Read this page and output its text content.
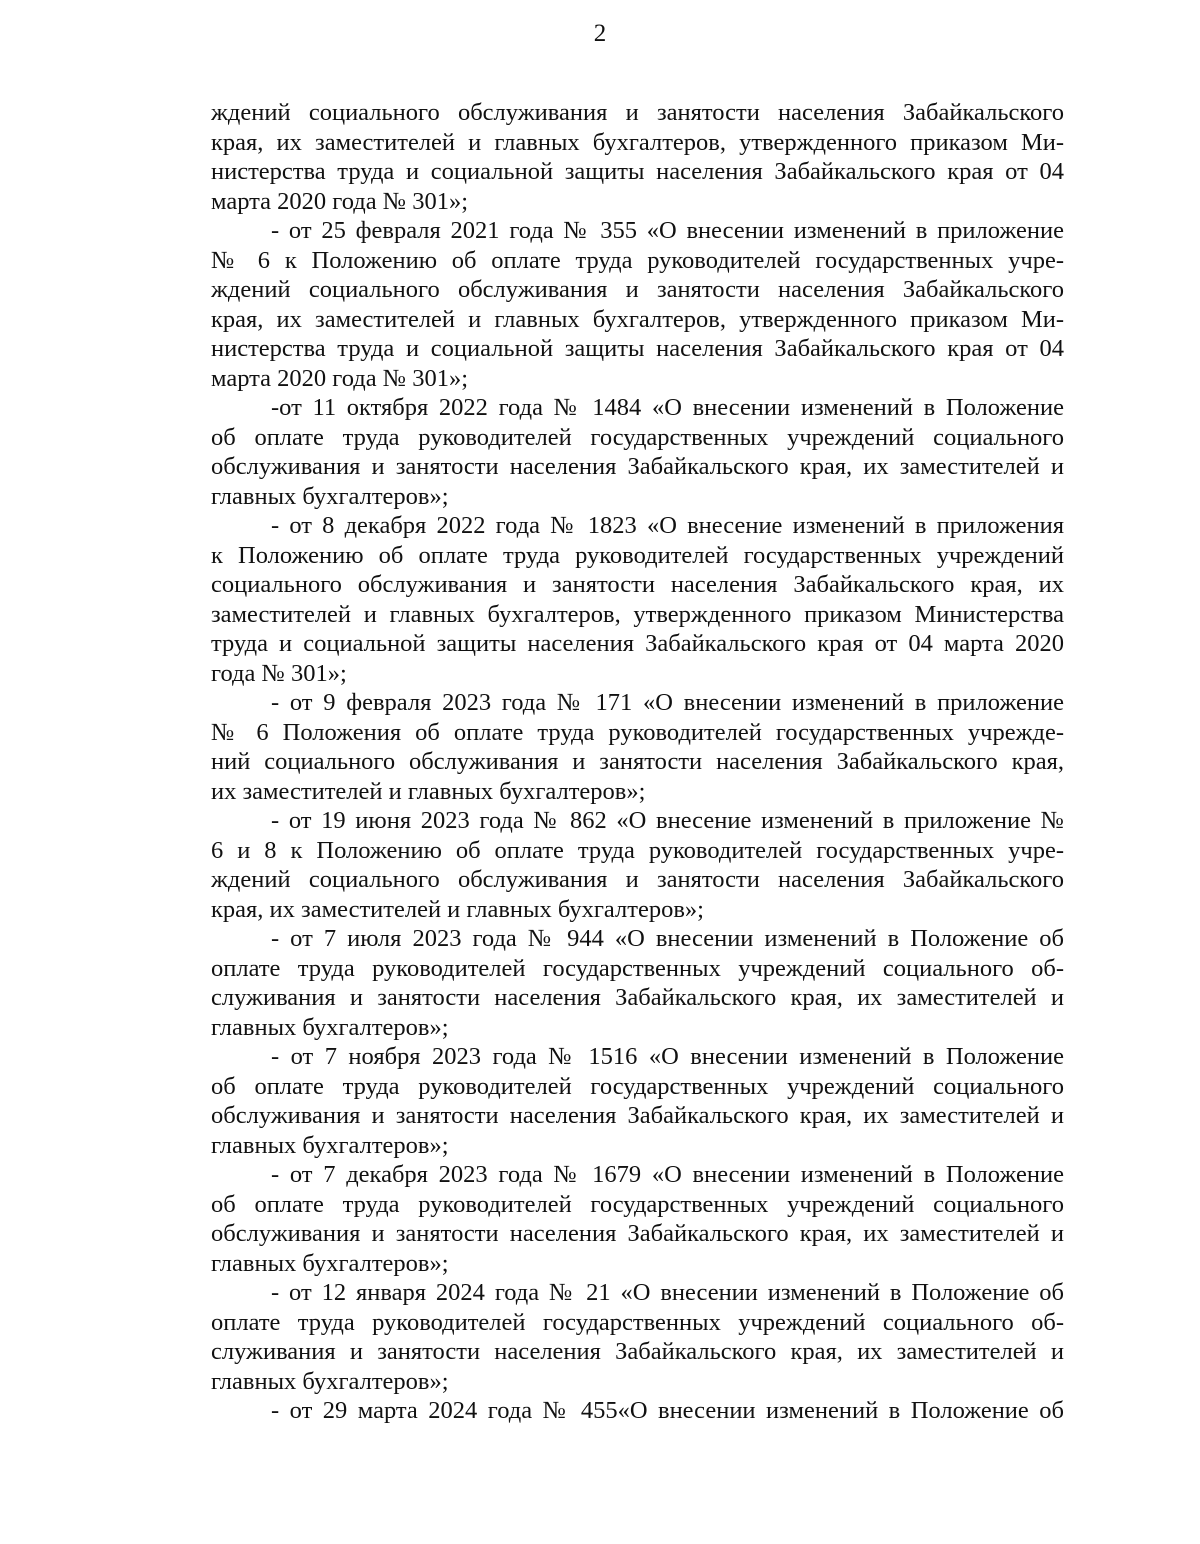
2
ждений социального обслуживания и занятости населения Забайкальского
края, их заместителей и главных бухгалтеров, утвержденного приказом Ми-
нистерства труда и социальной защиты населения Забайкальского края от 04
марта 2020 года № 301»;
- от 25 февраля 2021 года № 355 «О внесении изменений в приложение
№ 6 к Положению об оплате труда руководителей государственных учре-
ждений социального обслуживания и занятости населения Забайкальского
края, их заместителей и главных бухгалтеров, утвержденного приказом Ми-
нистерства труда и социальной защиты населения Забайкальского края от 04
марта 2020 года № 301»;
-от 11 октября 2022 года № 1484 «О внесении изменений в Положение
об оплате труда руководителей государственных учреждений социального
обслуживания и занятости населения Забайкальского края, их заместителей и
главных бухгалтеров»;
- от 8 декабря 2022 года № 1823 «О внесение изменений в приложения
к Положению об оплате труда руководителей государственных учреждений
социального обслуживания и занятости населения Забайкальского края, их
заместителей и главных бухгалтеров, утвержденного приказом Министерства
труда и социальной защиты населения Забайкальского края от 04 марта 2020
года № 301»;
- от 9 февраля 2023 года № 171 «О внесении изменений в приложение
№ 6 Положения об оплате труда руководителей государственных учрежде-
ний социального обслуживания и занятости населения Забайкальского края,
их заместителей и главных бухгалтеров»;
- от 19 июня 2023 года № 862 «О внесение изменений в приложение №
6 и 8 к Положению об оплате труда руководителей государственных учре-
ждений социального обслуживания и занятости населения Забайкальского
края, их заместителей и главных бухгалтеров»;
- от 7 июля 2023 года № 944 «О внесении изменений в Положение об
оплате труда руководителей государственных учреждений социального об-
служивания и занятости населения Забайкальского края, их заместителей и
главных бухгалтеров»;
- от 7 ноября 2023 года № 1516 «О внесении изменений в Положение
об оплате труда руководителей государственных учреждений социального
обслуживания и занятости населения Забайкальского края, их заместителей и
главных бухгалтеров»;
- от 7 декабря 2023 года № 1679 «О внесении изменений в Положение
об оплате труда руководителей государственных учреждений социального
обслуживания и занятости населения Забайкальского края, их заместителей и
главных бухгалтеров»;
- от 12 января 2024 года № 21 «О внесении изменений в Положение об
оплате труда руководителей государственных учреждений социального об-
служивания и занятости населения Забайкальского края, их заместителей и
главных бухгалтеров»;
- от 29 марта 2024 года № 455«О внесении изменений в Положение об
